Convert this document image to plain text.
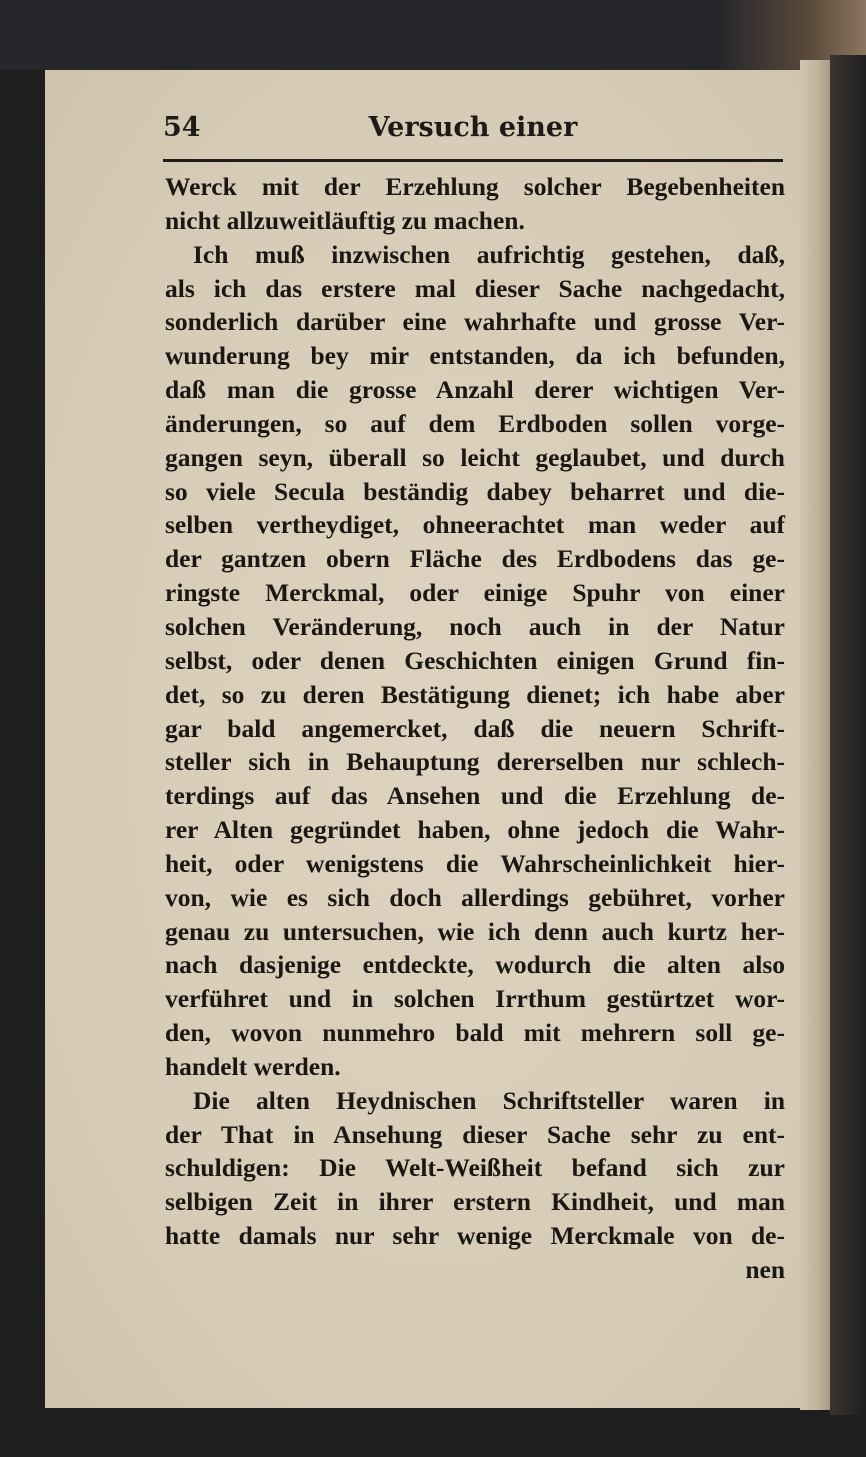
54	Versuch einer
Werck mit der Erzehlung solcher Begebenheiten
nicht allzuweitläuftig zu machen.
Ich muß inzwischen aufrichtig gestehen, daß,
als ich das erstere mal dieser Sache nachgedacht,
sonderlich darüber eine wahrhafte und grosse Ver-
wunderung bey mir entstanden, da ich befunden,
daß man die grosse Anzahl derer wichtigen Ver-
änderungen, so auf dem Erdboden sollen vorge-
gangen seyn, überall so leicht geglaubet, und durch
so viele Secula beständig dabey beharret und die-
selben vertheydiget, ohneerachtet man weder auf
der gantzen obern Fläche des Erdbodens das ge-
ringste Merckmal, oder einige Spuhr von einer
solchen Veränderung, noch auch in der Natur
selbst, oder denen Geschichten einigen Grund fin-
det, so zu deren Bestätigung dienet; ich habe aber
gar bald angemercket, daß die neuern Schrift-
steller sich in Behauptung dererselben nur schlech-
terdings auf das Ansehen und die Erzehlung de-
rer Alten gegründet haben, ohne jedoch die Wahr-
heit, oder wenigstens die Wahrscheinlichkeit hier-
von, wie es sich doch allerdings gebühret, vorher
genau zu untersuchen, wie ich denn auch kurtz her-
nach dasjenige entdeckte, wodurch die alten also
verführet und in solchen Irrthum gestürtzet wor-
den, wovon nunmehro bald mit mehrern soll ge-
handelt werden.
Die alten Heydnischen Schriftsteller waren in
der That in Ansehung dieser Sache sehr zu ent-
schuldigen: Die Welt-Weißheit befand sich zur
selbigen Zeit in ihrer erstern Kindheit, und man
hatte damals nur sehr wenige Merckmale von de-
nen
